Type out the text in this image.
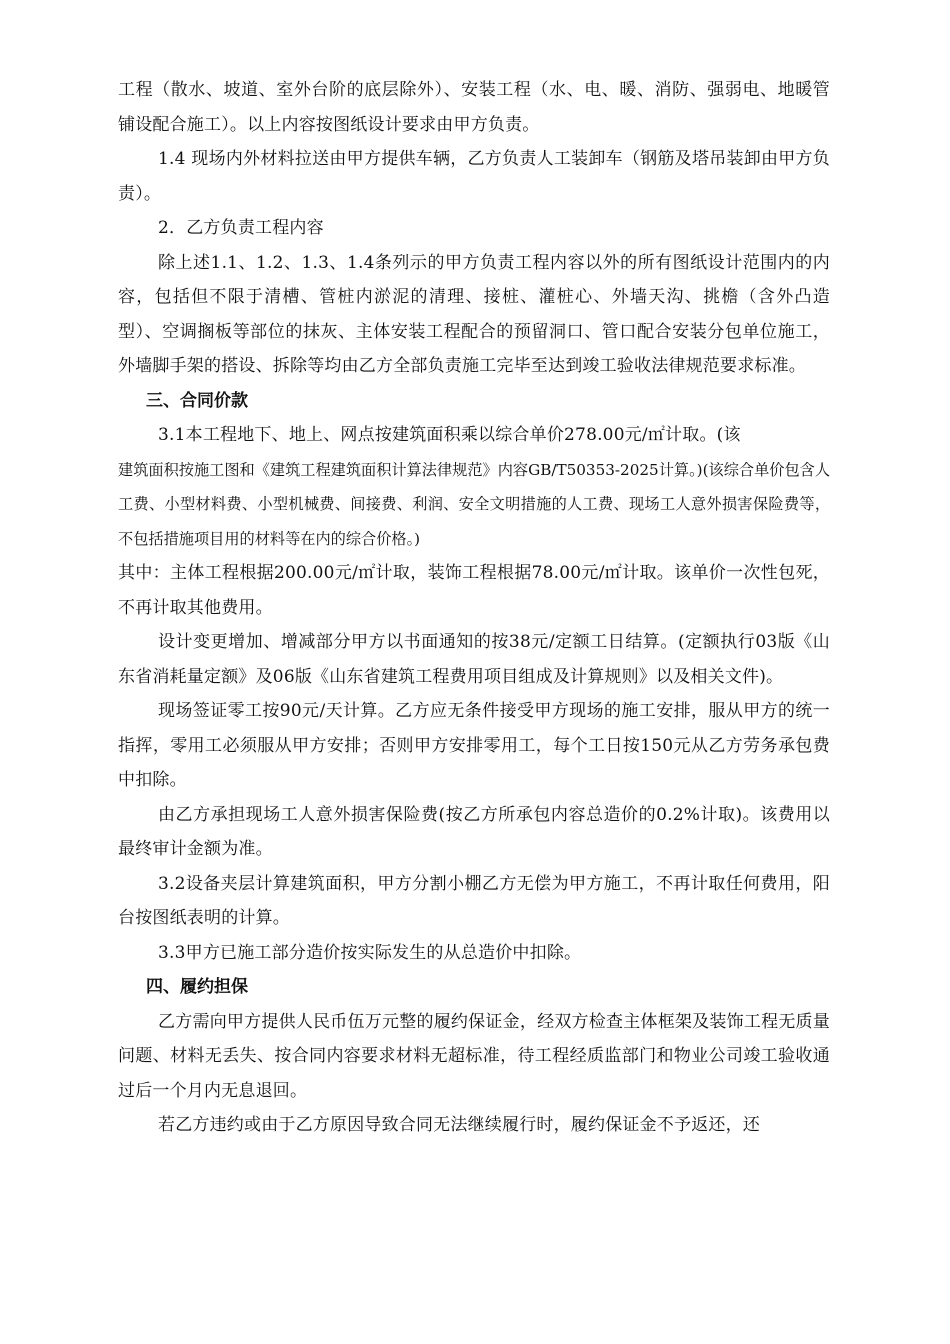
工程（散水、坡道、室外台阶的底层除外）、安装工程（水、电、暖、消防、强弱电、地暖管铺设配合施工）。以上内容按图纸设计要求由甲方负责。

1.4 现场内外材料拉送由甲方提供车辆，乙方负责人工装卸车（钢筋及塔吊装卸由甲方负责）。

2．乙方负责工程内容

除上述1.1、1.2、1.3、1.4条列示的甲方负责工程内容以外的所有图纸设计范围内的内容，包括但不限于清槽、管桩内淤泥的清理、接桩、灌桩心、外墙天沟、挑檐（含外凸造型）、空调搁板等部位的抹灰、主体安装工程配合的预留洞口、管口配合安装分包单位施工，外墙脚手架的搭设、拆除等均由乙方全部负责施工完毕至达到竣工验收法律规范要求标准。

三、合同价款

3.1本工程地下、地上、网点按建筑面积乘以综合单价278.00元/㎡计取。(该

建筑面积按施工图和《建筑工程建筑面积计算法律规范》内容GB/T50353-2025计算。)(该综合单价包含人工费、小型材料费、小型机械费、间接费、利润、安全文明措施的人工费、现场工人意外损害保险费等，不包括措施项目用的材料等在内的综合价格。)

其中：主体工程根据200.00元/㎡计取，装饰工程根据78.00元/㎡计取。该单价一次性包死，不再计取其他费用。

设计变更增加、增减部分甲方以书面通知的按38元/定额工日结算。(定额执行03版《山东省消耗量定额》及06版《山东省建筑工程费用项目组成及计算规则》以及相关文件)。

现场签证零工按90元/天计算。乙方应无条件接受甲方现场的施工安排，服从甲方的统一指挥，零用工必须服从甲方安排；否则甲方安排零用工，每个工日按150元从乙方劳务承包费中扣除。

由乙方承担现场工人意外损害保险费(按乙方所承包内容总造价的0.2%计取)。该费用以最终审计金额为准。

3.2设备夹层计算建筑面积，甲方分割小棚乙方无偿为甲方施工，不再计取任何费用，阳台按图纸表明的计算。

3.3甲方已施工部分造价按实际发生的从总造价中扣除。

四、履约担保

乙方需向甲方提供人民币伍万元整的履约保证金，经双方检查主体框架及装饰工程无质量问题、材料无丢失、按合同内容要求材料无超标准，待工程经质监部门和物业公司竣工验收通过后一个月内无息退回。

若乙方违约或由于乙方原因导致合同无法继续履行时，履约保证金不予返还，还
